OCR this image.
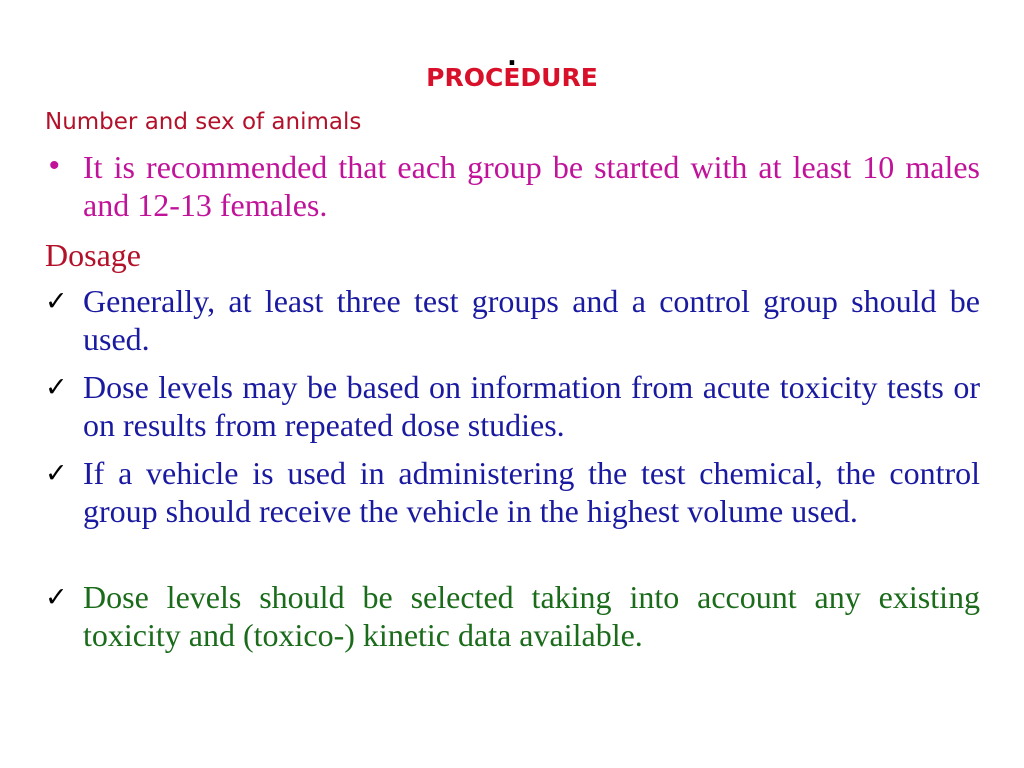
.
PROCEDURE
Number and sex of animals
• It is recommended that each group be started with at least 10 males and 12-13 females.
Dosage
✓ Generally, at least three test groups and a control group should be used.
✓ Dose levels may be based on information from acute toxicity tests or on results from repeated dose studies.
✓ If a vehicle is used in administering the test chemical, the control group should receive the vehicle in the highest volume used.
✓ Dose levels should be selected taking into account any existing toxicity and (toxico-) kinetic data available.
